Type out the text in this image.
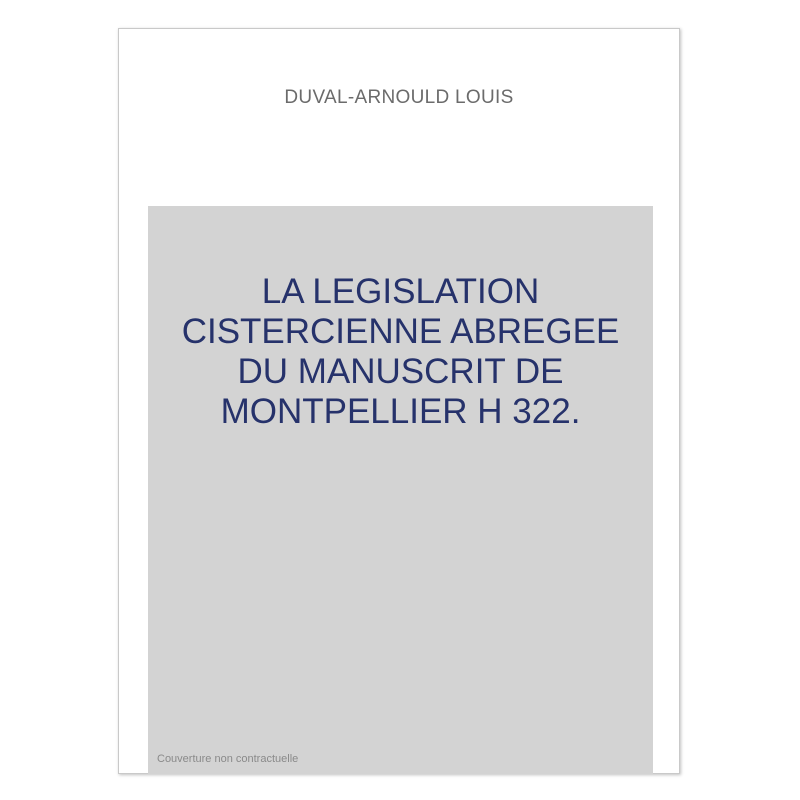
DUVAL-ARNOULD LOUIS
LA LEGISLATION
CISTERCIENNE ABREGEE
DU MANUSCRIT DE
MONTPELLIER H 322.
Couverture non contractuelle
